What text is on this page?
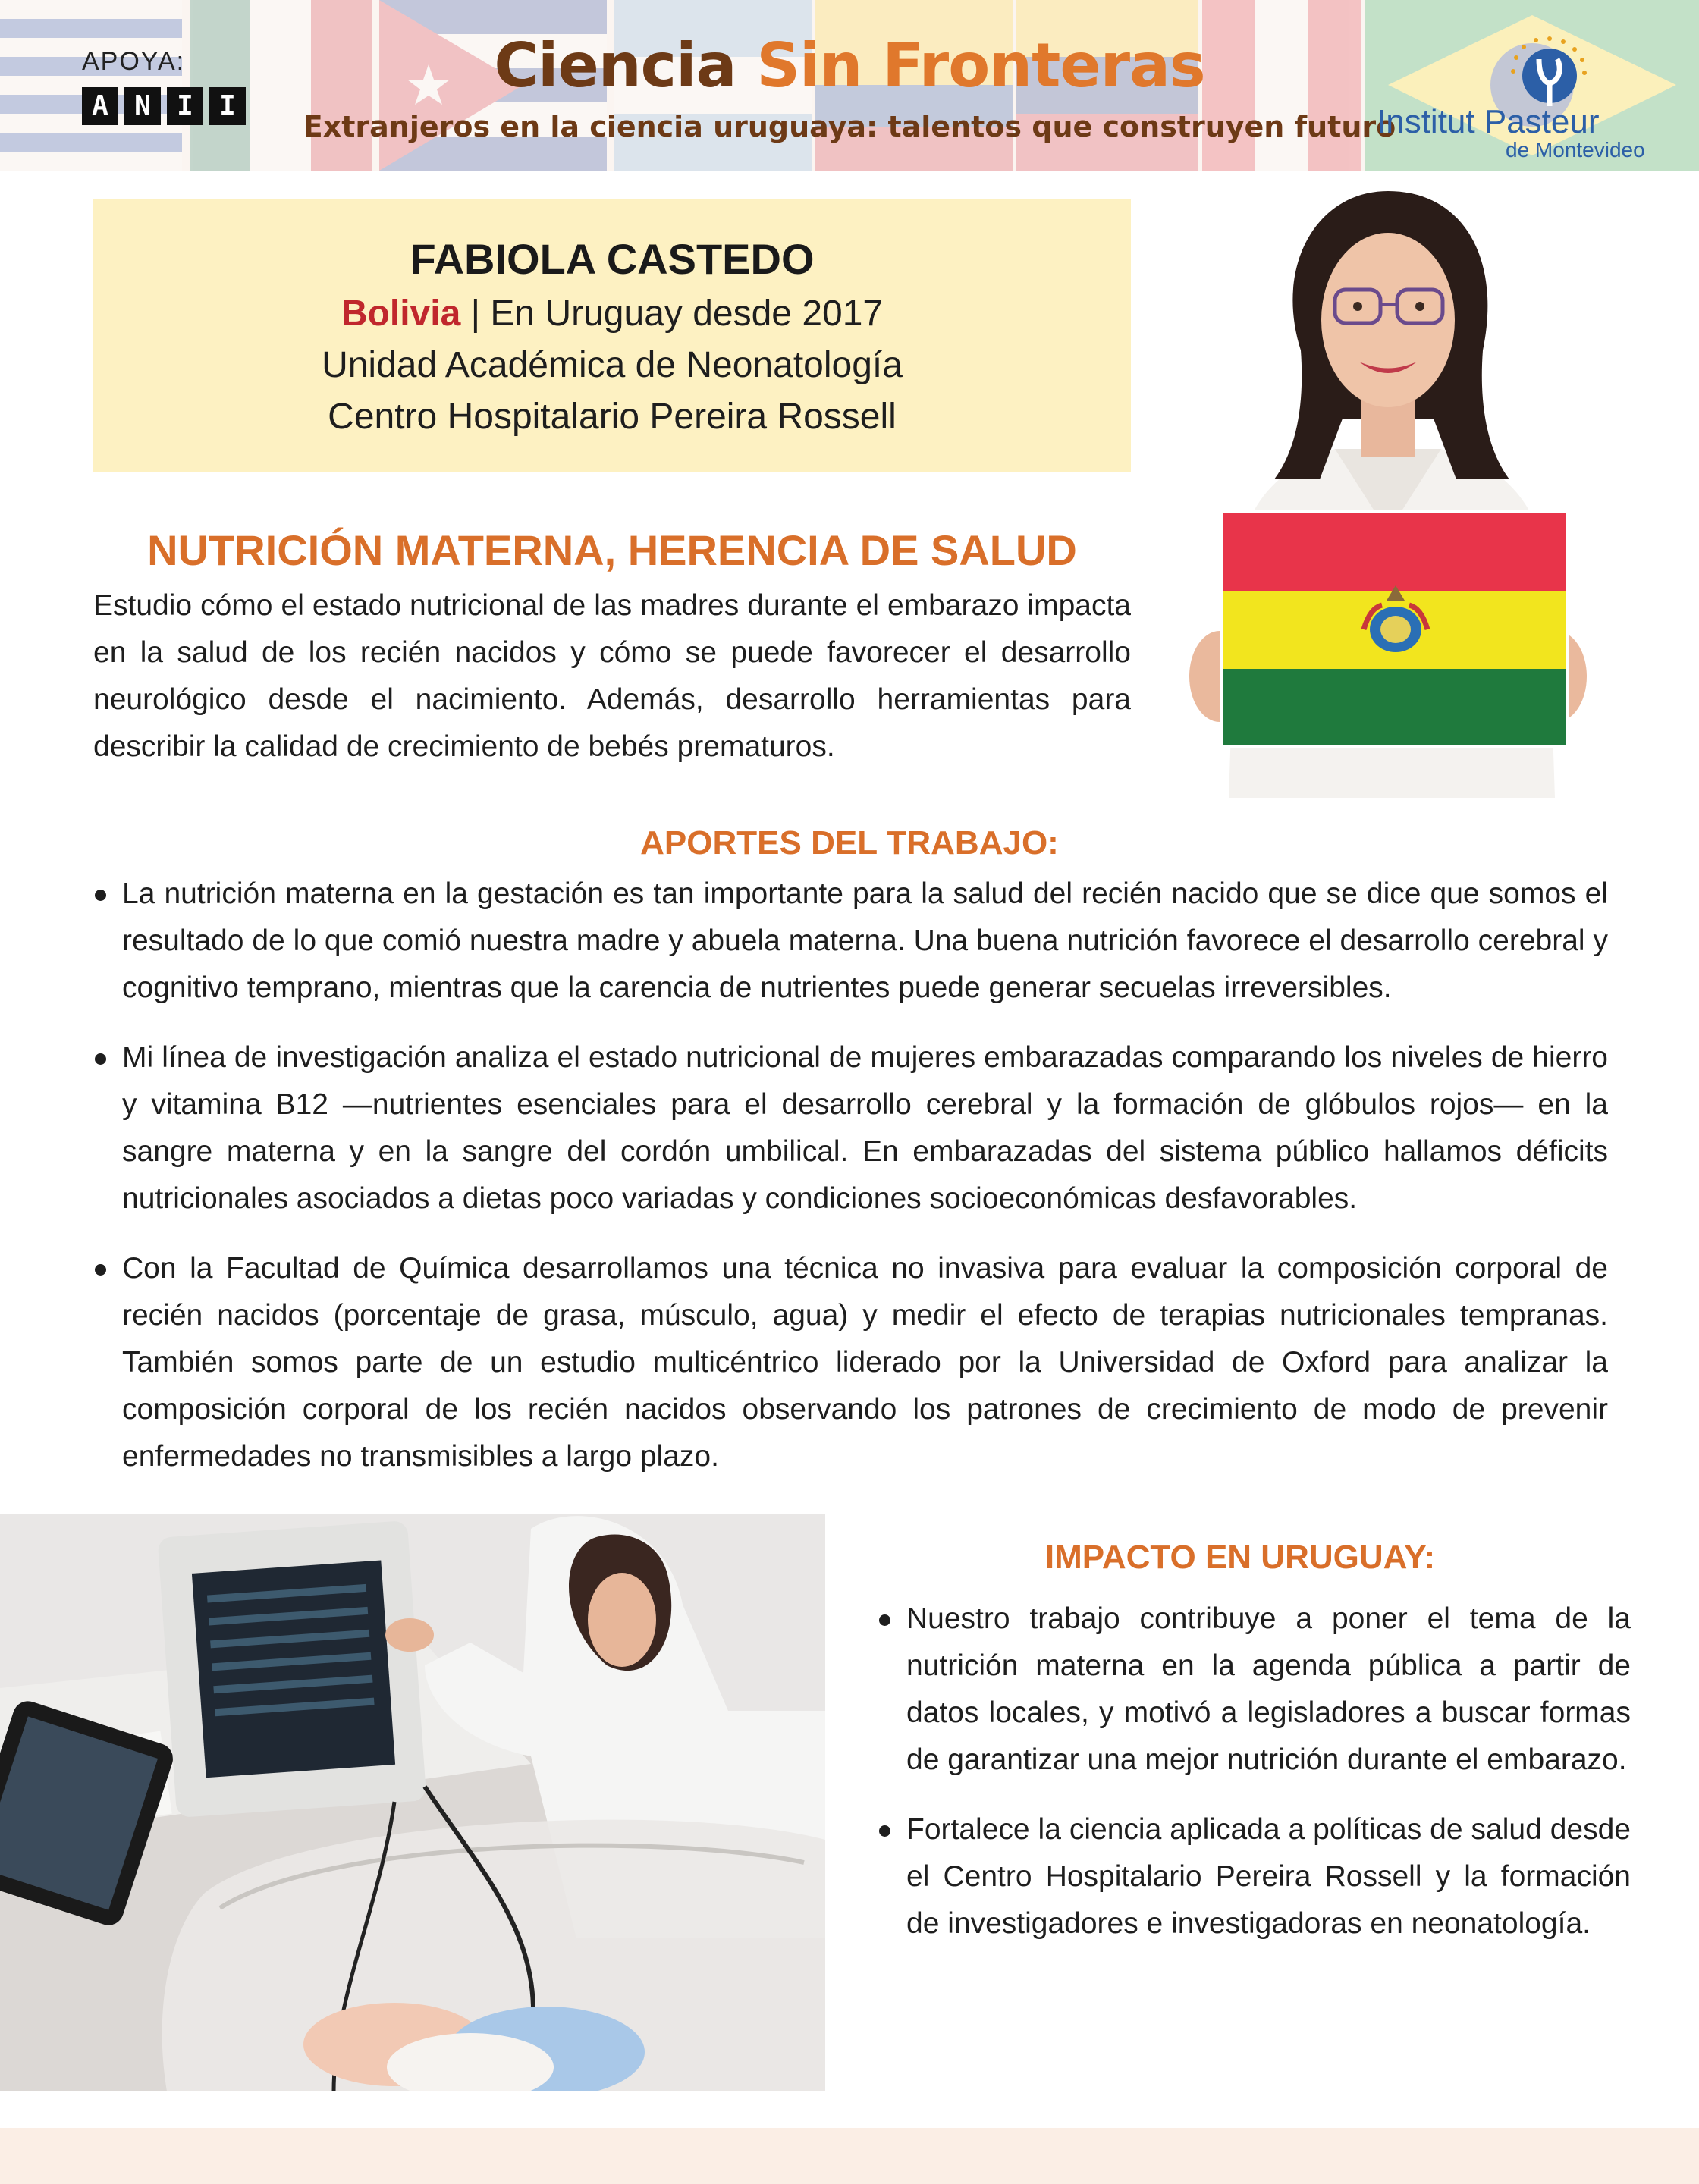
APOYA:
A N I I
Ciencia Sin Fronteras
Extranjeros en la ciencia uruguaya: talentos que construyen futuro
Institut Pasteur
de Montevideo
FABIOLA CASTEDO
Bolivia | En Uruguay desde 2017
Unidad Académica de Neonatología
Centro Hospitalario Pereira Rossell
NUTRICIÓN MATERNA, HERENCIA DE SALUD

Estudio cómo el estado nutricional de las madres durante el embarazo impacta en la salud de los recién nacidos y cómo se puede favorecer el desarrollo neurológico desde el nacimiento. Además, desarrollo herramientas para describir la calidad de crecimiento de bebés prematuros.

APORTES DEL TRABAJO:
La nutrición materna en la gestación es tan importante para la salud del recién nacido que se dice que somos el resultado de lo que comió nuestra madre y abuela materna. Una buena nutrición favorece el desarrollo cerebral y cognitivo temprano, mientras que la carencia de nutrientes puede generar secuelas irreversibles.
Mi línea de investigación analiza el estado nutricional de mujeres embarazadas comparando los niveles de hierro y vitamina B12 —nutrientes esenciales para el desarrollo cerebral y la formación de glóbulos rojos— en la sangre materna y en la sangre del cordón umbilical. En embarazadas del sistema público hallamos déficits nutricionales asociados a dietas poco variadas y condiciones socioeconómicas desfavorables.
Con la Facultad de Química desarrollamos una técnica no invasiva para evaluar la composición corporal de recién nacidos (porcentaje de grasa, músculo, agua) y medir el efecto de terapias nutricionales tempranas. También somos parte de un estudio multicéntrico liderado por la Universidad de Oxford para analizar la composición corporal de los recién nacidos observando los patrones de crecimiento de modo de prevenir enfermedades no transmisibles a largo plazo.
IMPACTO EN URUGUAY:
Nuestro trabajo contribuye a poner el tema de la nutrición materna en la agenda pública a partir de datos locales, y motivó a legisladores a buscar formas de garantizar una mejor nutrición durante el embarazo.
Fortalece la ciencia aplicada a políticas de salud desde el Centro Hospitalario Pereira Rossell y la formación de investigadores e investigadoras en neonatología.
